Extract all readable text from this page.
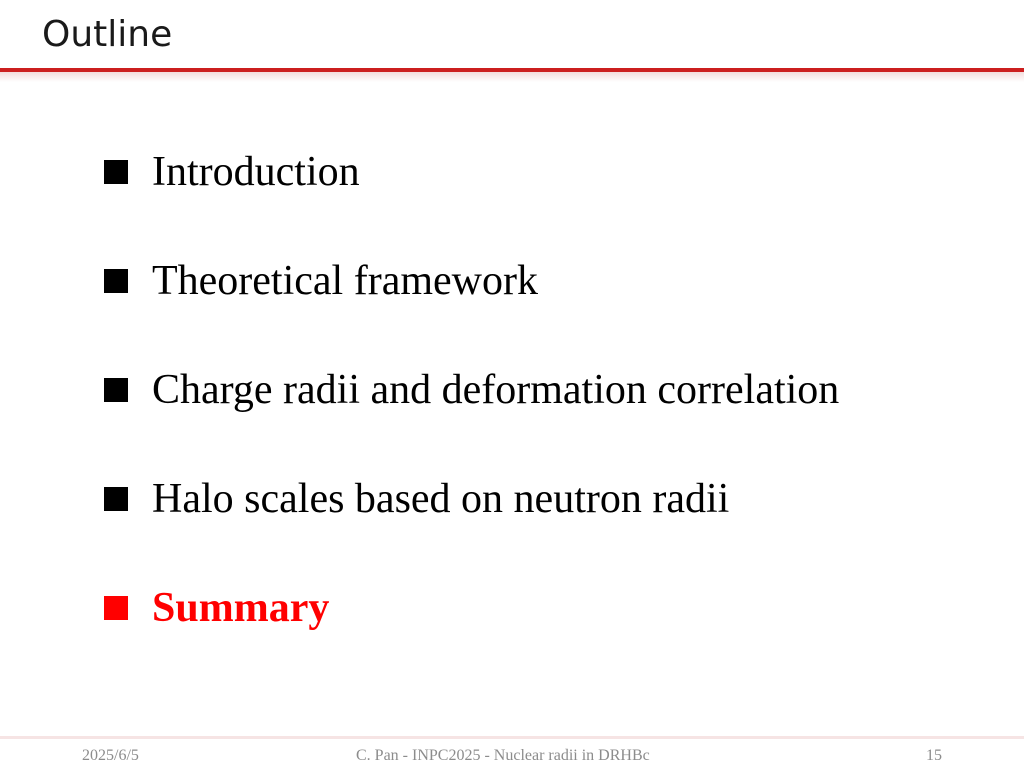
Outline
Introduction
Theoretical framework
Charge radii and deformation correlation
Halo scales based on neutron radii
Summary
2025/6/5	C. Pan - INPC2025 - Nuclear radii in DRHBc	15
